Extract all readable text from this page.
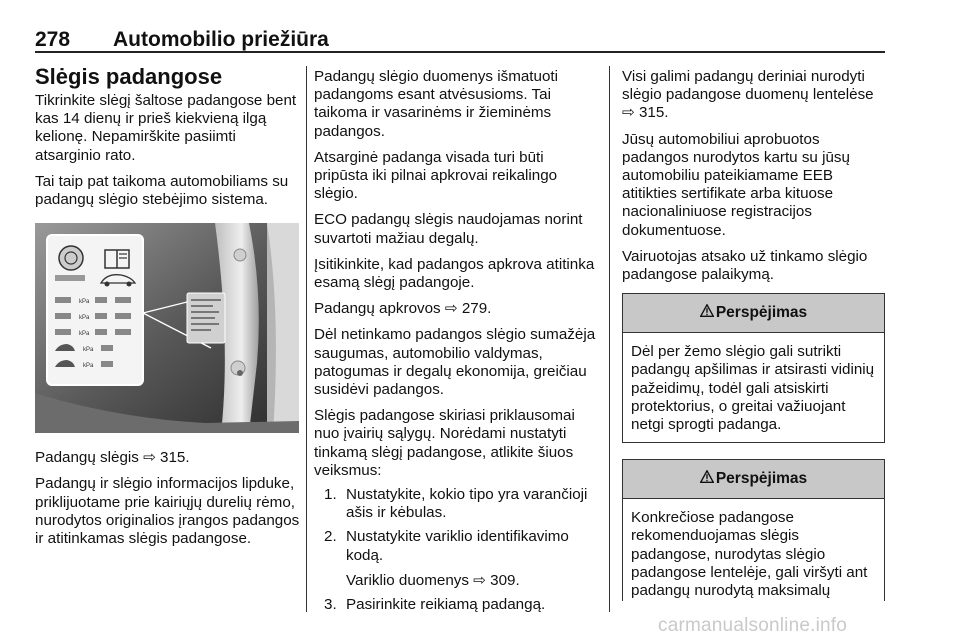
278 Automobilio priežiūra
Slėgis padangose

Tikrinkite slėgį šaltose padangose bent kas 14 dienų ir prieš kiekvieną ilgą kelionę. Nepamirškite pasiimti atsarginio rato.

Tai taip pat taikoma automobiliams su padangų slėgio stebėjimo sistema.

kPa
kPa
kPa
kPa
kPa

Padangų slėgis ⇨ 315.

Padangų ir slėgio informacijos lipduke, priklijuotame prie kairiųjų durelių rėmo, nurodytos originalios įrangos padangos ir atitinkamas slėgis padangose.

Padangų slėgio duomenys išmatuoti padangoms esant atvėsusioms. Tai taikoma ir vasarinėms ir žieminėms padangos.

Atsarginė padanga visada turi būti pripūsta iki pilnai apkrovai reikalingo slėgio.

ECO padangų slėgis naudojamas norint suvartoti mažiau degalų.

Įsitikinkite, kad padangos apkrova atitinka esamą slėgį padangoje.

Padangų apkrovos ⇨ 279.

Dėl netinkamo padangos slėgio sumažėja saugumas, automobilio valdymas, patogumas ir degalų ekonomija, greičiau susidėvi padangos.

Slėgis padangose skiriasi priklausomai nuo įvairių sąlygų. Norėdami nustatyti tinkamą slėgį padangose, atlikite šiuos veiksmus:

1. Nustatykite, kokio tipo yra varančioji ašis ir kėbulas.
2. Nustatykite variklio identifikavimo kodą.
Variklio duomenys ⇨ 309.
3. Pasirinkite reikiamą padangą.

Visi galimi padangų deriniai nurodyti slėgio padangose duomenų lentelėse ⇨ 315.

Jūsų automobiliui aprobuotos padangos nurodytos kartu su jūsų automobiliu pateikiamame EEB atitikties sertifikate arba kituose nacionaliniuose registracijos dokumentuose.

Vairuotojas atsako už tinkamo slėgio padangose palaikymą.

Perspėjimas
Dėl per žemo slėgio gali sutrikti padangų apšilimas ir atsirasti vidinių pažeidimų, todėl gali atsiskirti protektorius, o greitai važiuojant netgi sprogti padanga.
Perspėjimas
Konkrečiose padangose rekomenduojamas slėgis padangose, nurodytas slėgio padangose lentelėje, gali viršyti ant padangų nurodytą maksimalų
carmanualsonline.info
